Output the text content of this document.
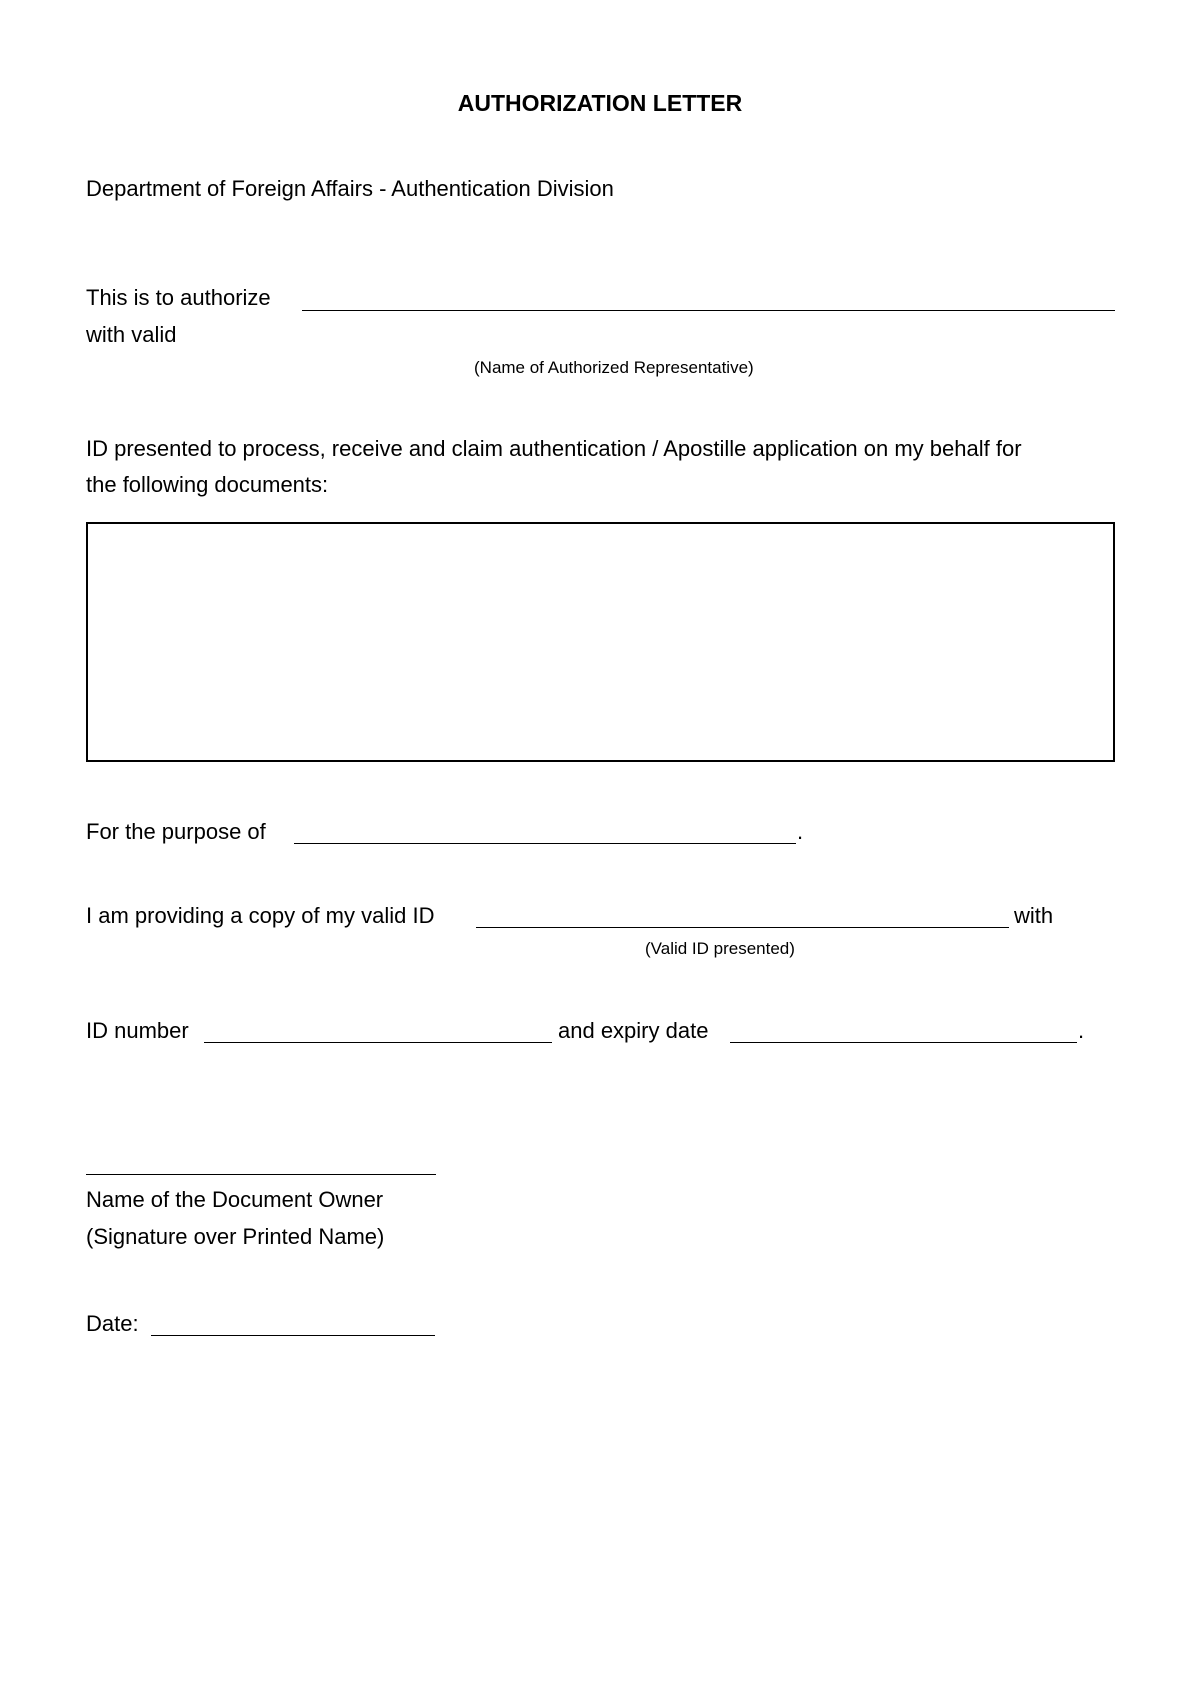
AUTHORIZATION LETTER
Department of Foreign Affairs - Authentication Division
This is to authorize
with valid
(Name of Authorized Representative)
ID presented to process, receive and claim authentication / Apostille application on my behalf for
the following documents:
For the purpose of	.
I am providing a copy of my valid ID	with
(Valid ID presented)
ID number	and expiry date	.
Name of the Document Owner
(Signature over Printed Name)
Date:
